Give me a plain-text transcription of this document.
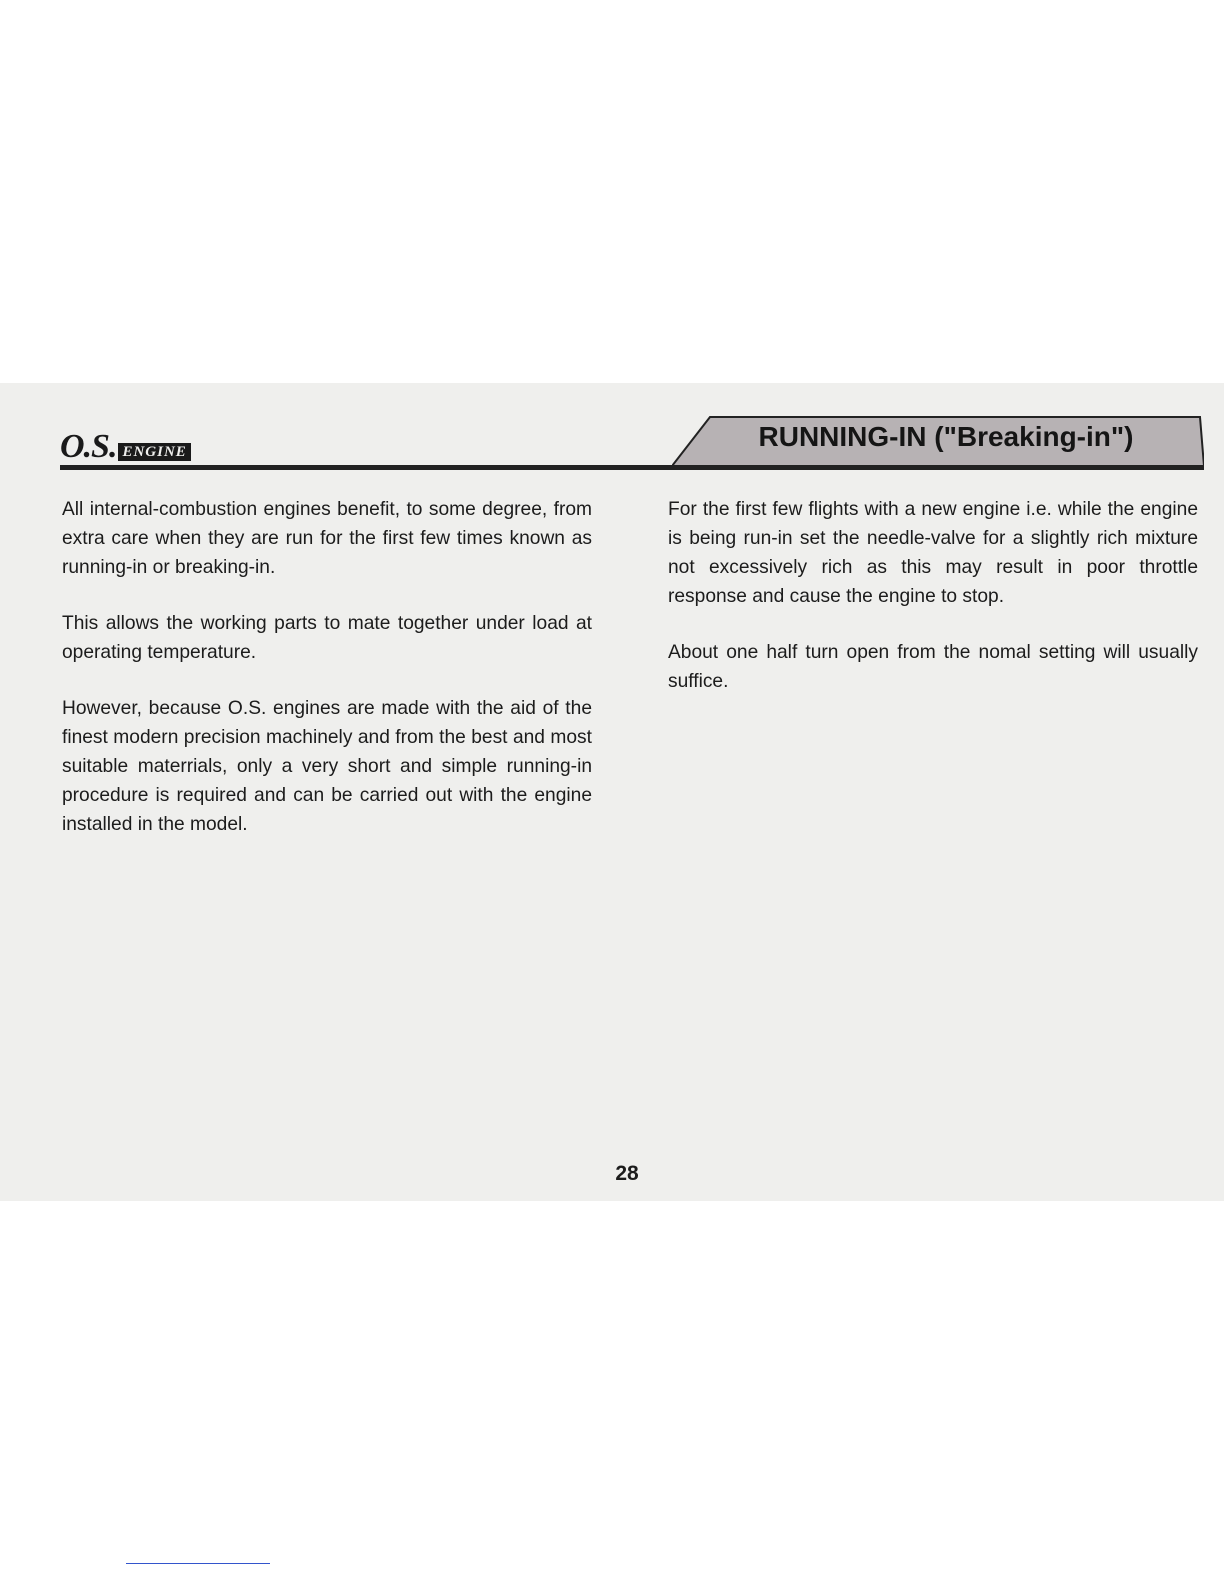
O.S. ENGINE	RUNNING-IN ("Breaking-in")

All internal-combustion engines benefit, to some degree, from extra care when they are run for the first few times known as running-in or breaking-in.

This allows the working parts to mate together under load at operating temperature.

However, because O.S. engines are made with the aid of the finest modern precision machinely and from the best and most suitable materrials, only a very short and simple running-in procedure is required and can be carried out with the engine installed in the model.

For the first few flights with a new engine i.e. while the engine is being run-in set the needle-valve for a slightly rich mixture not excessively rich as this may result in poor throttle response and cause the engine to stop.

About one half turn open from the nomal setting will usually suffice.

28
